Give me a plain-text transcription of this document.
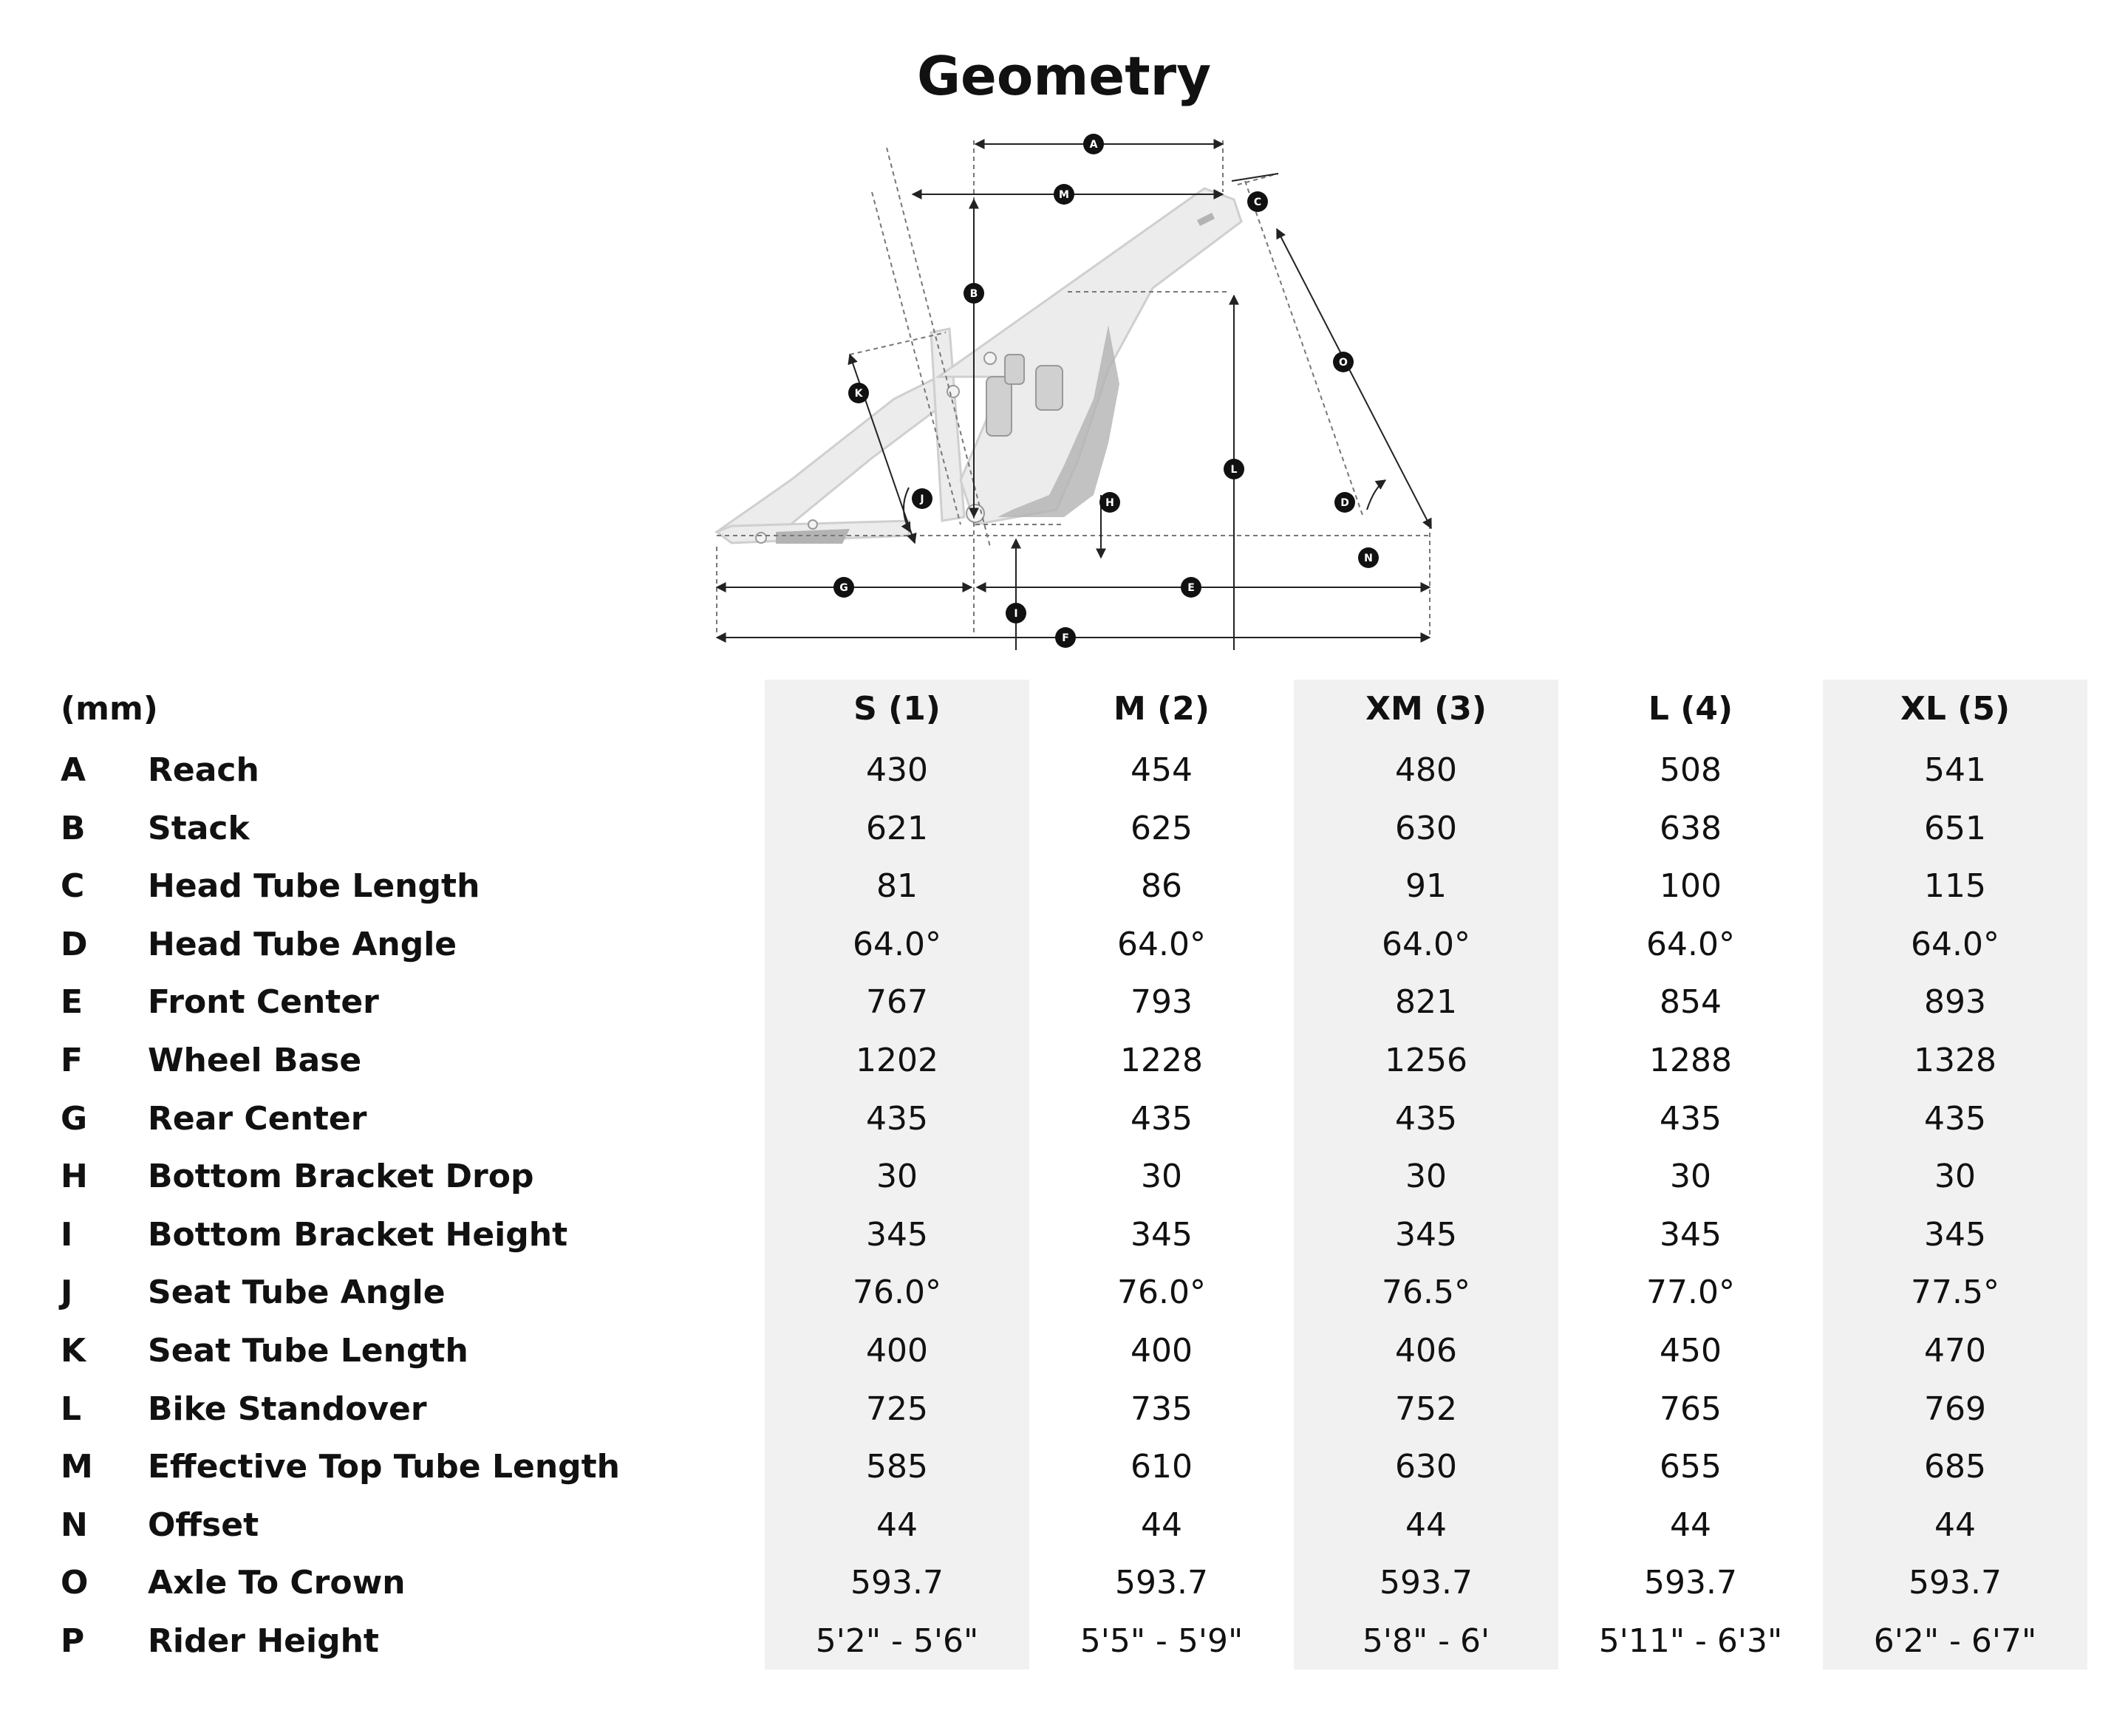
Geometry
A
M
B
C
O
K
L
J	H	D
N
G	E
I
F
(mm)	S (1)	M (2)	XM (3)	L (4)	XL (5)
A	Reach	430	454	480	508	541
B	Stack	621	625	630	638	651
C	Head Tube Length	81	86	91	100	115
D	Head Tube Angle	64.0°	64.0°	64.0°	64.0°	64.0°
E	Front Center	767	793	821	854	893
F	Wheel Base	1202	1228	1256	1288	1328
G	Rear Center	435	435	435	435	435
H	Bottom Bracket Drop	30	30	30	30	30
I	Bottom Bracket Height	345	345	345	345	345
J	Seat Tube Angle	76.0°	76.0°	76.5°	77.0°	77.5°
K	Seat Tube Length	400	400	406	450	470
L	Bike Standover	725	735	752	765	769
M	Effective Top Tube Length	585	610	630	655	685
N	Offset	44	44	44	44	44
O	Axle To Crown	593.7	593.7	593.7	593.7	593.7
P	Rider Height	5'2" - 5'6"	5'5" - 5'9"	5'8" - 6'	5'11" - 6'3"	6'2" - 6'7"
